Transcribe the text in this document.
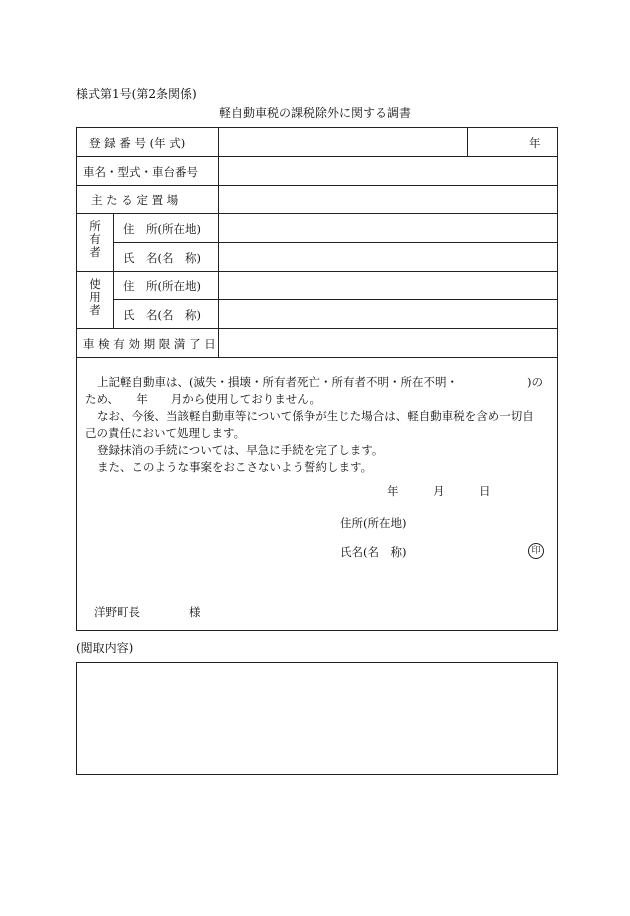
様式第1号(第2条関係)
軽自動車税の課税除外に関する調書
登 録 番 号 (年 式)	年
車名・型式・車台番号
主 た る 定 置 場
所
有
者
住　所(所在地)
氏　名(名　称)
使
用
者
住　所(所在地)
氏　名(名　称)
車 検 有 効 期 限 満 了 日
上記軽自動車は、(滅失・損壊・所有者死亡・所有者不明・所在不明・　　　　　　)の
ため、　　年　　月から使用しておりません。
なお、今後、当該軽自動車等について係争が生じた場合は、軽自動車税を含め一切自
己の責任において処理します。
登録抹消の手続については、早急に手続を完了します。
また、このような事案をおこさないよう誓約します。
年　　　月　　　日
住所(所在地)
氏名(名　称)	印
洋野町長	様
(閲取内容)
